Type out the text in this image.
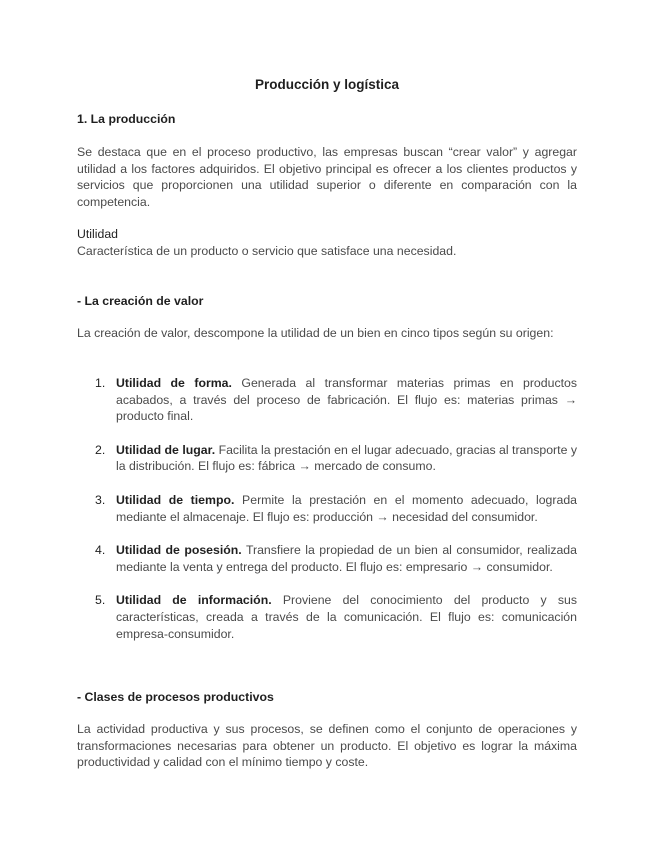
Producción y logística
1. La producción
Se destaca que en el proceso productivo, las empresas buscan “crear valor” y agregar utilidad a los factores adquiridos. El objetivo principal es ofrecer a los clientes productos y servicios que proporcionen una utilidad superior o diferente en comparación con la competencia.
Utilidad
Característica de un producto o servicio que satisface una necesidad.
- La creación de valor
La creación de valor, descompone la utilidad de un bien en cinco tipos según su origen:
1. Utilidad de forma. Generada al transformar materias primas en productos acabados, a través del proceso de fabricación. El flujo es: materias primas → producto final.
2. Utilidad de lugar. Facilita la prestación en el lugar adecuado, gracias al transporte y la distribución. El flujo es: fábrica → mercado de consumo.
3. Utilidad de tiempo. Permite la prestación en el momento adecuado, lograda mediante el almacenaje. El flujo es: producción → necesidad del consumidor.
4. Utilidad de posesión. Transfiere la propiedad de un bien al consumidor, realizada mediante la venta y entrega del producto. El flujo es: empresario → consumidor.
5. Utilidad de información. Proviene del conocimiento del producto y sus características, creada a través de la comunicación. El flujo es: comunicación empresa-consumidor.
- Clases de procesos productivos
La actividad productiva y sus procesos, se definen como el conjunto de operaciones y transformaciones necesarias para obtener un producto. El objetivo es lograr la máxima productividad y calidad con el mínimo tiempo y coste.
